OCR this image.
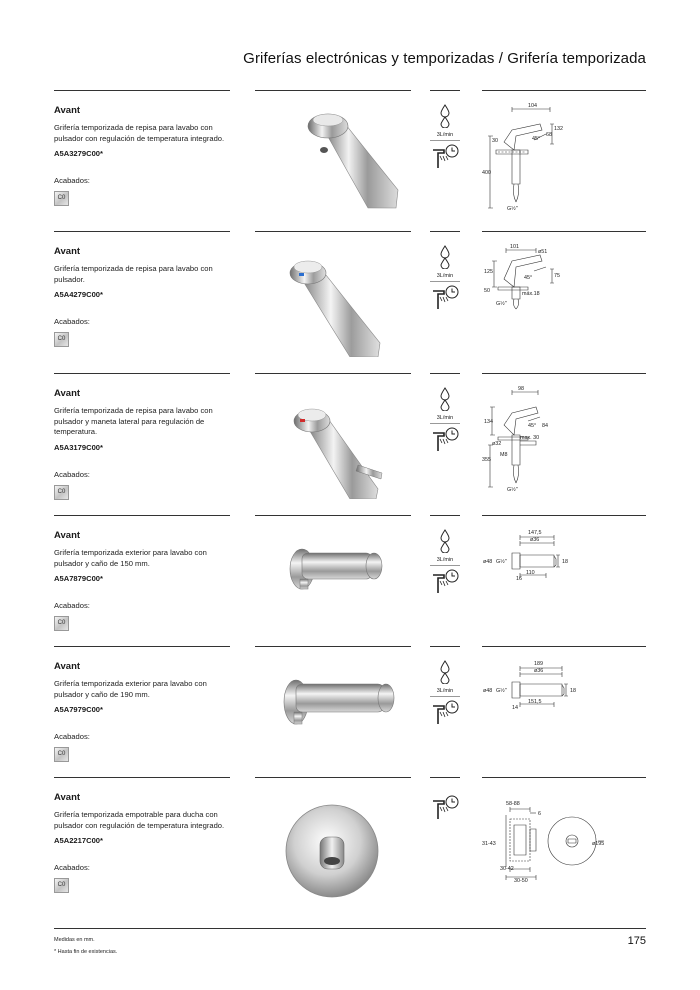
Griferías electrónicas y temporizadas / Grifería temporizada
Avant
Grifería temporizada de repisa para lavabo con pulsador con regulación de temperatura integrado.
A5A3279C00*
Acabados:
C0
3L/min
104
30
132
68
45°
400
G½"
Avant
Grifería temporizada de repisa para lavabo con pulsador.
A5A4279C00*
Acabados:
C0
3L/min
101
ø51
125
45°	75
50	máx.18
G½"
Avant
Grifería temporizada de repisa para lavabo con pulsador y maneta lateral para regulación de temperatura.
A5A3179C00*
Acabados:
C0
3L/min
98
134
45° 84
max. 30
ø32
M8
355
G½"
Avant
Grifería temporizada exterior para lavabo con pulsador y caño de 150 mm.
A5A7879C00*
Acabados:
C0
3L/min
147,5
ø36
ø48 G½"	18
16
110
Avant
Grifería temporizada exterior para lavabo con pulsador y caño de 190 mm.
A5A7979C00*
Acabados:
C0
3L/min
189
ø36
ø48 G½"	18
14
151,5
Avant
Grifería temporizada empotrable para ducha con pulsador con regulación de temperatura integrado.
A5A2217C00*
Acabados:
C0
58-88
6
31-43
30-42
30-50
ø195
Medidas en mm.
* Hasta fin de existencias.
175
